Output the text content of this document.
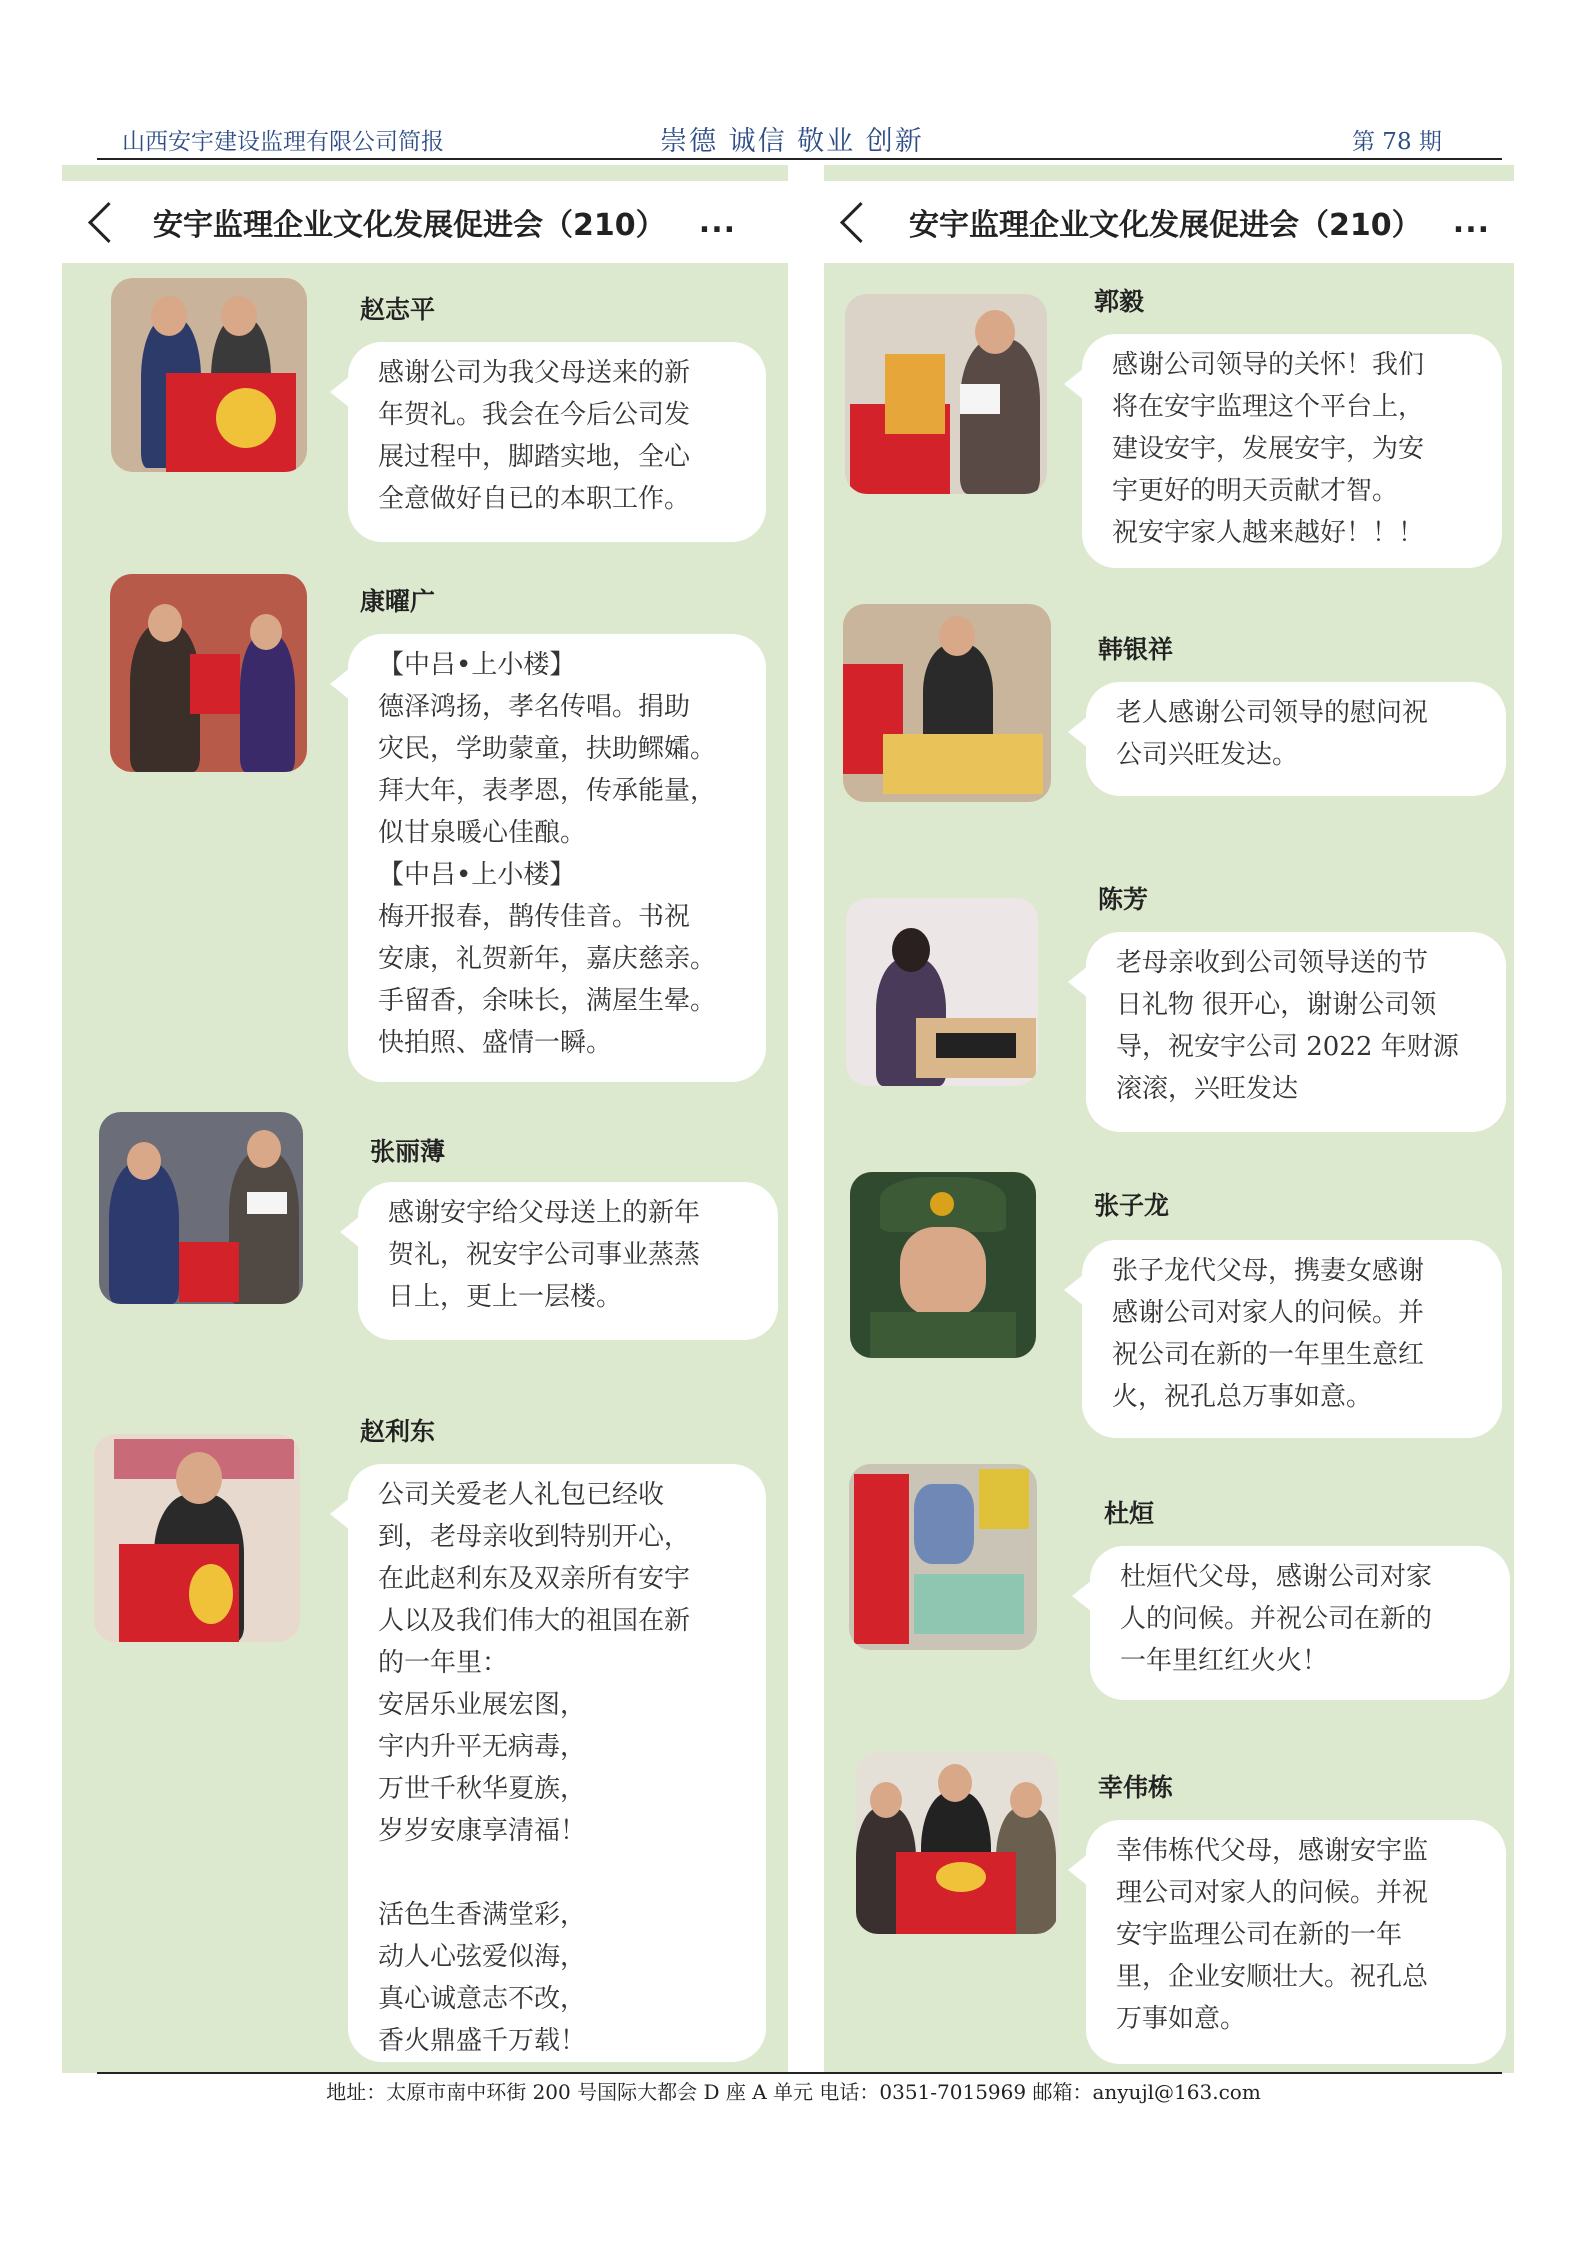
山西安宇建设监理有限公司简报	崇德 诚信 敬业 创新	第 78 期
安宇监理企业文化发展促进会（210） ...
赵志平
感谢公司为我父母送来的新
年贺礼。我会在今后公司发
展过程中，脚踏实地，全心
全意做好自已的本职工作。
康曜广
【中吕•上小楼】
德泽鸿扬，孝名传唱。捐助
灾民，学助蒙童，扶助鳏孀。
拜大年，表孝恩，传承能量，
似甘泉暖心佳酿。
【中吕•上小楼】
梅开报春，鹊传佳音。书祝
安康，礼贺新年，嘉庆慈亲。
手留香，余味长，满屋生晕。
快拍照、盛情一瞬。
张丽薄
感谢安宇给父母送上的新年
贺礼，祝安宇公司事业蒸蒸
日上，更上一层楼。
赵利东
公司关爱老人礼包已经收
到，老母亲收到特别开心，
在此赵利东及双亲所有安宇
人以及我们伟大的祖国在新
的一年里：
安居乐业展宏图，
宇内升平无病毒，
万世千秋华夏族，
岁岁安康享清福！

活色生香满堂彩，
动人心弦爱似海，
真心诚意志不改，
香火鼎盛千万载！
安宇监理企业文化发展促进会（210） ...
郭毅
感谢公司领导的关怀！我们
将在安宇监理这个平台上，
建设安宇，发展安宇，为安
宇更好的明天贡献才智。
祝安宇家人越来越好！！！
韩银祥
老人感谢公司领导的慰问祝
公司兴旺发达。
陈芳
老母亲收到公司领导送的节
日礼物 很开心，谢谢公司领
导，祝安宇公司 2022 年财源
滚滚，兴旺发达
张子龙
张子龙代父母，携妻女感谢
感谢公司对家人的问候。并
祝公司在新的一年里生意红
火，祝孔总万事如意。
杜烜
杜烜代父母，感谢公司对家
人的问候。并祝公司在新的
一年里红红火火！
幸伟栋
幸伟栋代父母，感谢安宇监
理公司对家人的问候。并祝
安宇监理公司在新的一年
里，企业安顺壮大。祝孔总
万事如意。
地址：太原市南中环街 200 号国际大都会 D 座 A 单元 电话：0351-7015969 邮箱：anyujl@163.com
